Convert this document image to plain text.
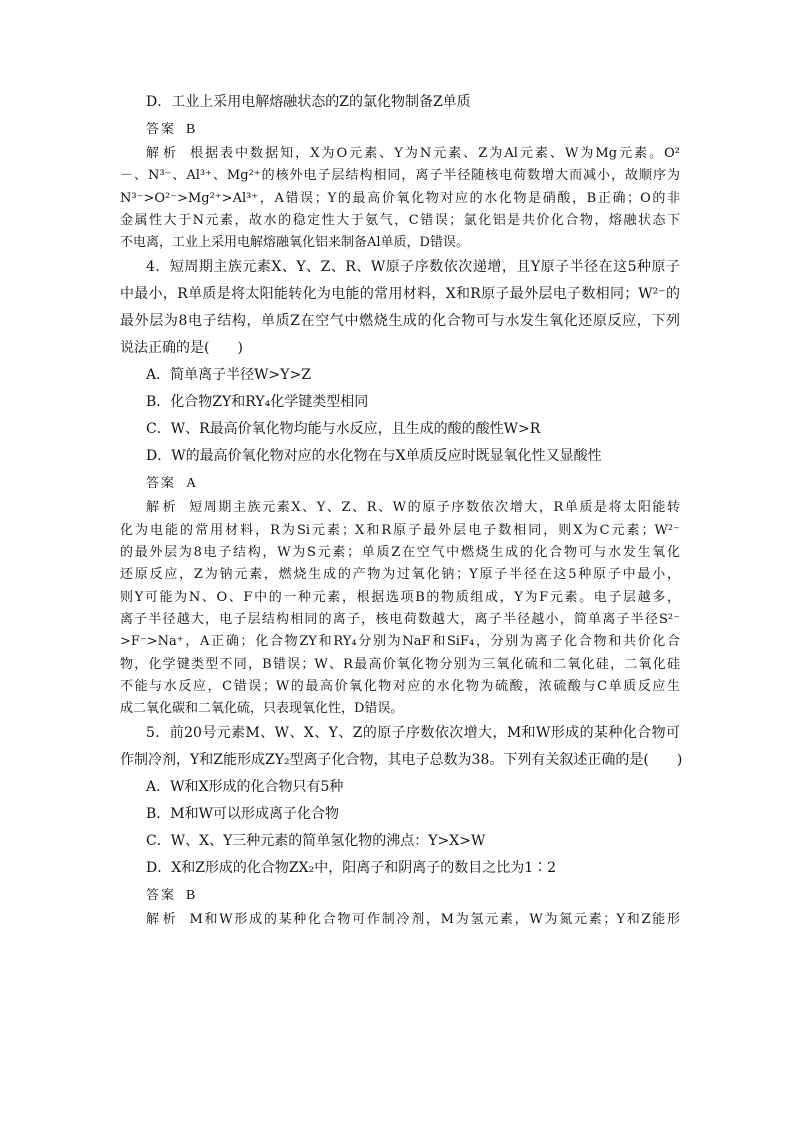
D．工业上采用电解熔融状态的Z的氯化物制备Z单质

答案 B

解析 根据表中数据知，X为O元素、Y为N元素、Z为Al元素、W为Mg元素。O²

－、N³⁻、Al³⁺、Mg²⁺的核外电子层结构相同，离子半径随核电荷数增大而减小，故顺序为

N³⁻>O²⁻>Mg²⁺>Al³⁺，A错误；Y的最高价氧化物对应的水化物是硝酸，B正确；O的非

金属性大于N元素，故水的稳定性大于氨气，C错误；氯化铝是共价化合物，熔融状态下

不电离，工业上采用电解熔融氧化铝来制备Al单质，D错误。

4．短周期主族元素X、Y、Z、R、W原子序数依次递增，且Y原子半径在这5种原子

中最小，R单质是将太阳能转化为电能的常用材料，X和R原子最外层电子数相同；W²⁻的

最外层为8电子结构，单质Z在空气中燃烧生成的化合物可与水发生氧化还原反应，下列

说法正确的是(　　)

A．简单离子半径W>Y>Z

B．化合物ZY和RY₄化学键类型相同

C．W、R最高价氧化物均能与水反应，且生成的酸的酸性W>R

D．W的最高价氧化物对应的水化物在与X单质反应时既显氧化性又显酸性

答案 A

解析 短周期主族元素X、Y、Z、R、W的原子序数依次增大，R单质是将太阳能转

化为电能的常用材料，R为Si元素；X和R原子最外层电子数相同，则X为C元素；W²⁻

的最外层为8电子结构，W为S元素；单质Z在空气中燃烧生成的化合物可与水发生氧化

还原反应，Z为钠元素，燃烧生成的产物为过氧化钠；Y原子半径在这5种原子中最小，

则Y可能为N、O、F中的一种元素，根据选项B的物质组成，Y为F元素。电子层越多，

离子半径越大，电子层结构相同的离子，核电荷数越大，离子半径越小，简单离子半径S²⁻

>F⁻>Na⁺，A正确；化合物ZY和RY₄分别为NaF和SiF₄，分别为离子化合物和共价化合

物，化学键类型不同，B错误；W、R最高价氧化物分别为三氧化硫和二氧化硅，二氧化硅

不能与水反应，C错误；W的最高价氧化物对应的水化物为硫酸，浓硫酸与C单质反应生

成二氧化碳和二氧化硫，只表现氧化性，D错误。

5．前20号元素M、W、X、Y、Z的原子序数依次增大，M和W形成的某种化合物可

作制冷剂，Y和Z能形成ZY₂型离子化合物，其电子总数为38。下列有关叙述正确的是(　　)

A．W和X形成的化合物只有5种

B．M和W可以形成离子化合物

C．W、X、Y三种元素的简单氢化物的沸点：Y>X>W

D．X和Z形成的化合物ZX₂中，阳离子和阴离子的数目之比为1∶2

答案 B

解析 M和W形成的某种化合物可作制冷剂，M为氢元素，W为氮元素；Y和Z能形
